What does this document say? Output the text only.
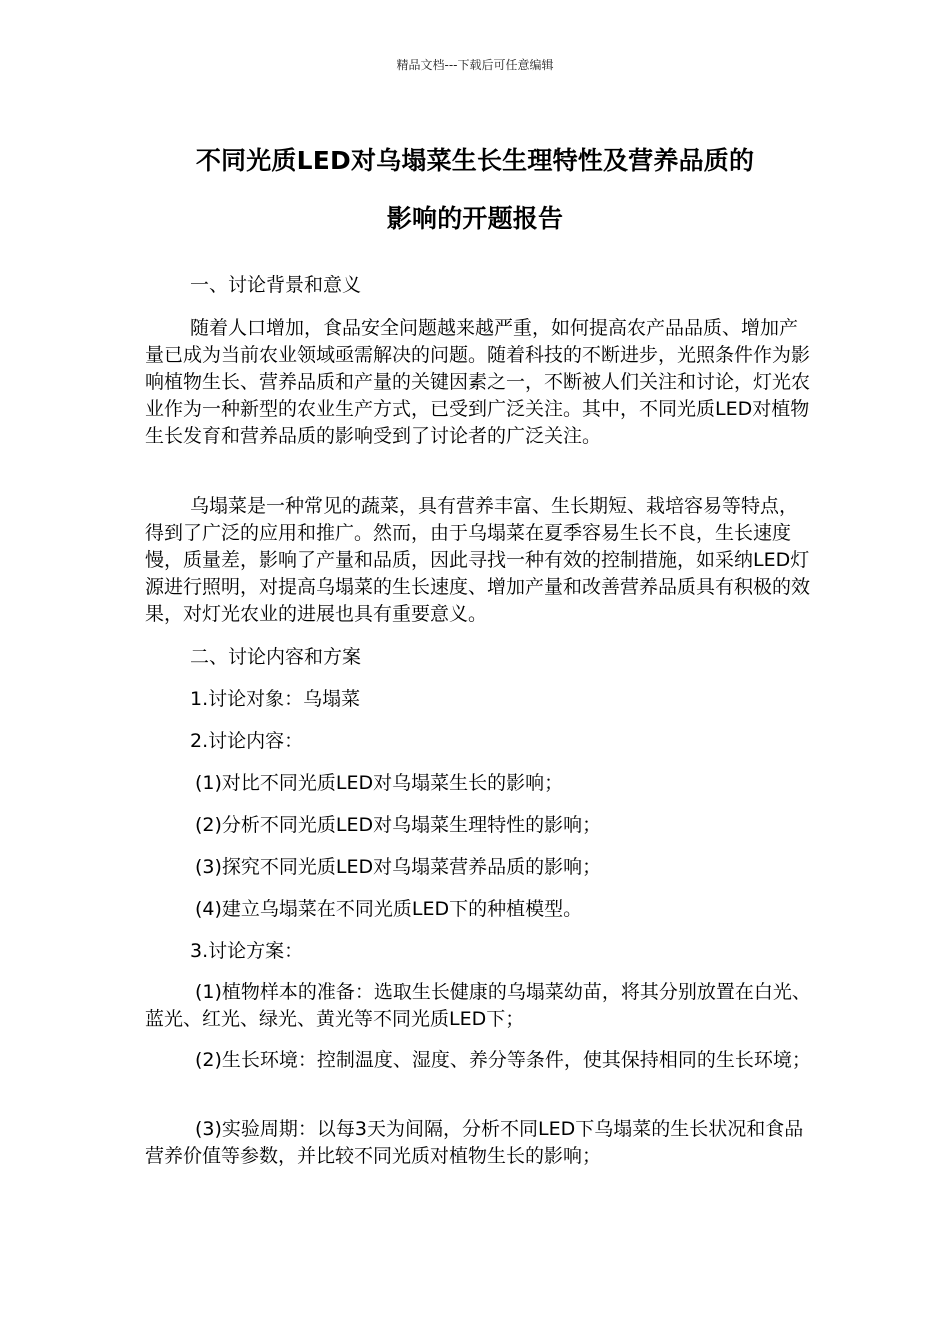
精品文档---下载后可任意编辑
不同光质LED对乌塌菜生长生理特性及营养品质的
影响的开题报告
一、讨论背景和意义
随着人口增加，食品安全问题越来越严重，如何提高农产品品质、增加产量已成为当前农业领域亟需解决的问题。随着科技的不断进步，光照条件作为影响植物生长、营养品质和产量的关键因素之一，不断被人们关注和讨论，灯光农业作为一种新型的农业生产方式，已受到广泛关注。其中，不同光质LED对植物生长发育和营养品质的影响受到了讨论者的广泛关注。
乌塌菜是一种常见的蔬菜，具有营养丰富、生长期短、栽培容易等特点，得到了广泛的应用和推广。然而，由于乌塌菜在夏季容易生长不良，生长速度慢，质量差，影响了产量和品质，因此寻找一种有效的控制措施，如采纳LED灯源进行照明，对提高乌塌菜的生长速度、增加产量和改善营养品质具有积极的效果，对灯光农业的进展也具有重要意义。
二、讨论内容和方案
1.讨论对象：乌塌菜
2.讨论内容：
(1)对比不同光质LED对乌塌菜生长的影响；
(2)分析不同光质LED对乌塌菜生理特性的影响；
(3)探究不同光质LED对乌塌菜营养品质的影响；
(4)建立乌塌菜在不同光质LED下的种植模型。
3.讨论方案：
(1)植物样本的准备：选取生长健康的乌塌菜幼苗，将其分别放置在白光、蓝光、红光、绿光、黄光等不同光质LED下；
(2)生长环境：控制温度、湿度、养分等条件，使其保持相同的生长环境；
(3)实验周期：以每3天为间隔，分析不同LED下乌塌菜的生长状况和食品营养价值等参数，并比较不同光质对植物生长的影响；
